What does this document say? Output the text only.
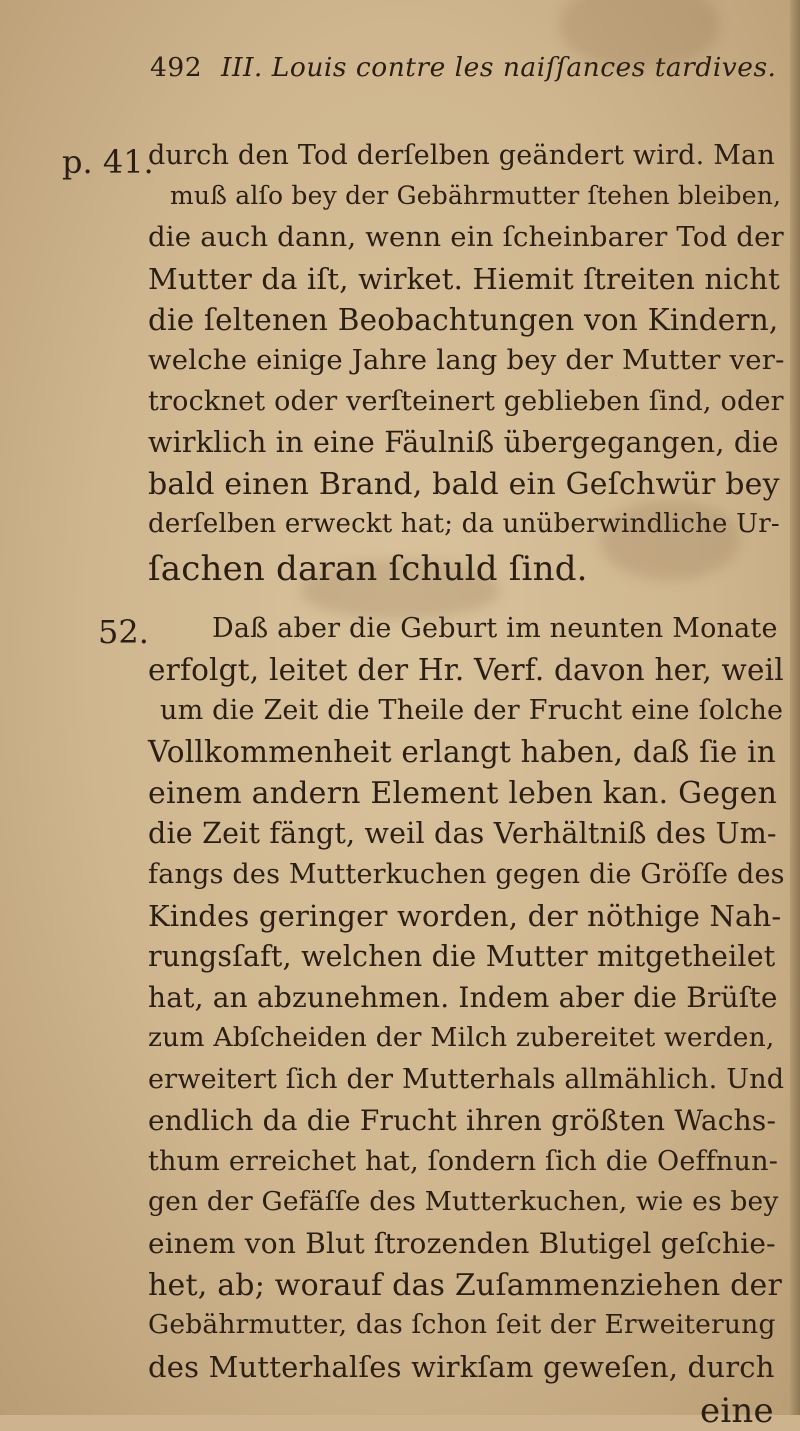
492 III. Louis contre les naiſſances tardives.
p. 41.
52.
durch den Tod derſelben geändert wird. Man
muß alſo bey der Gebährmutter ſtehen bleiben,
die auch dann, wenn ein ſcheinbarer Tod der
Mutter da iſt, wirket. Hiemit ſtreiten nicht
die ſeltenen Beobachtungen von Kindern,
welche einige Jahre lang bey der Mutter ver-
trocknet oder verſteinert geblieben ſind, oder
wirklich in eine Fäulniß übergegangen, die
bald einen Brand, bald ein Geſchwür bey
derſelben erweckt hat; da unüberwindliche Ur-
ſachen daran ſchuld ſind.
Daß aber die Geburt im neunten Monate
erfolgt, leitet der Hr. Verf. davon her, weil
um die Zeit die Theile der Frucht eine ſolche
Vollkommenheit erlangt haben, daß ſie in
einem andern Element leben kan. Gegen
die Zeit fängt, weil das Verhältniß des Um-
fangs des Mutterkuchen gegen die Gröſſe des
Kindes geringer worden, der nöthige Nah-
rungsſaft, welchen die Mutter mitgetheilet
hat, an abzunehmen. Indem aber die Brüſte
zum Abſcheiden der Milch zubereitet werden,
erweitert ſich der Mutterhals allmählich. Und
endlich da die Frucht ihren größten Wachs-
thum erreichet hat, ſondern ſich die Oeffnun-
gen der Gefäſſe des Mutterkuchen, wie es bey
einem von Blut ſtrozenden Blutigel geſchie-
het, ab; worauf das Zuſammenziehen der
Gebährmutter, das ſchon ſeit der Erweiterung
des Mutterhalſes wirkſam geweſen, durch
eine
